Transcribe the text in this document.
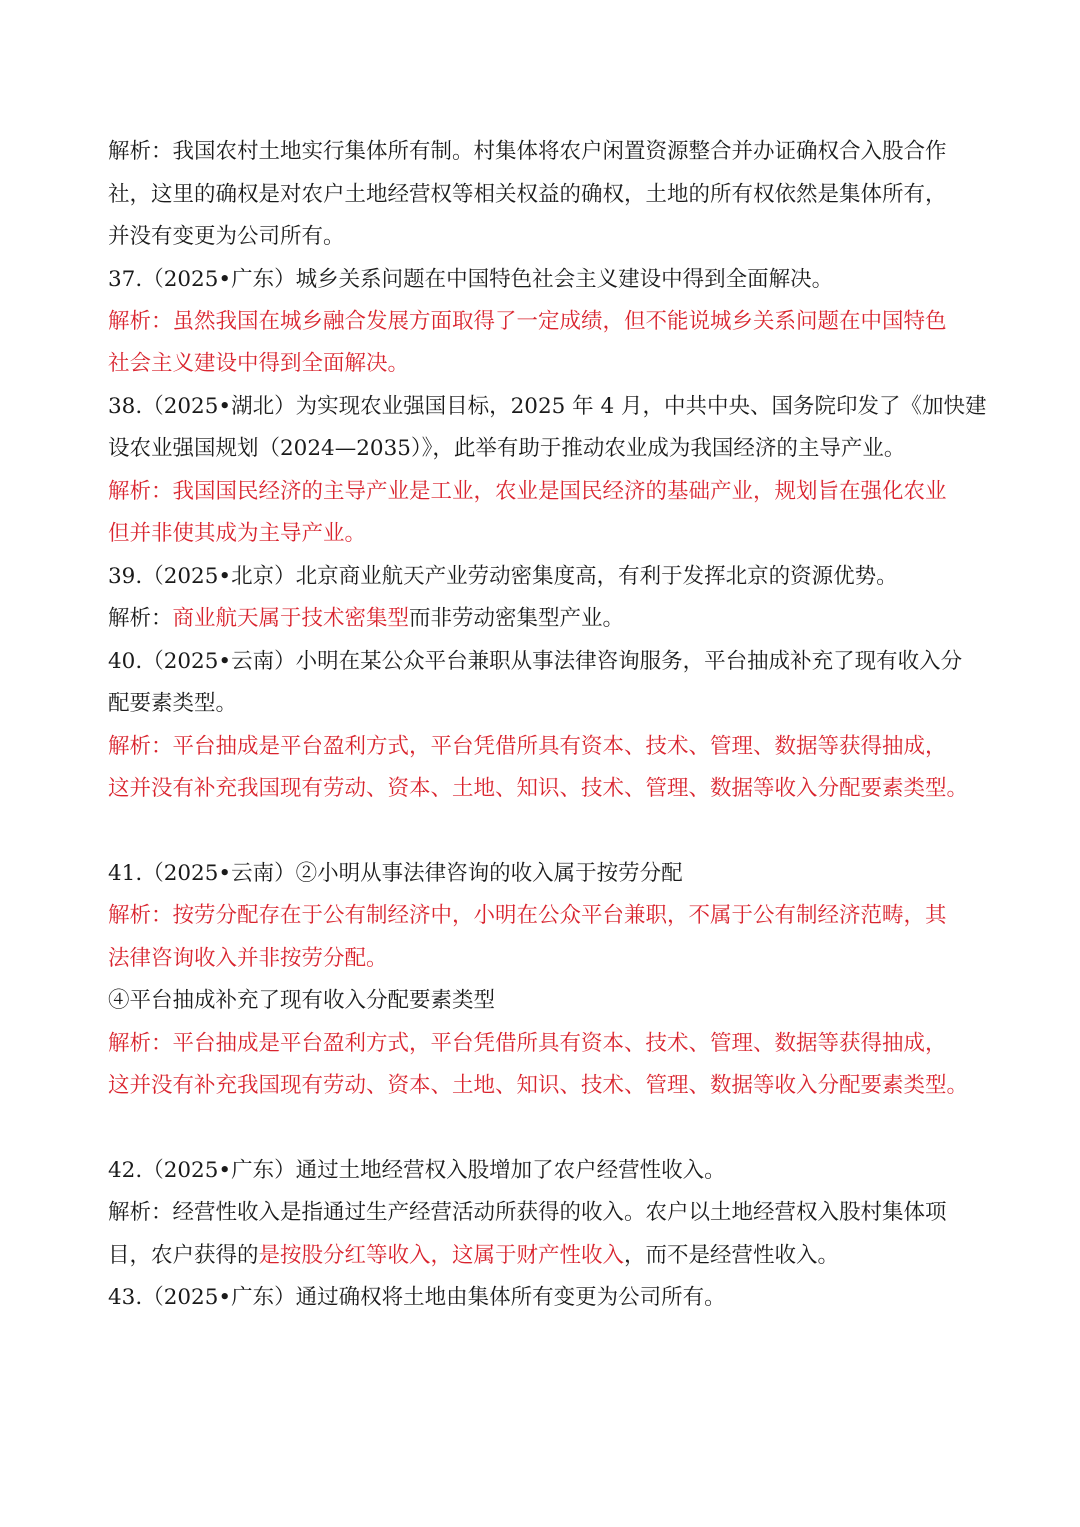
解析：我国农村土地实行集体所有制。村集体将农户闲置资源整合并办证确权合入股合作
社，这里的确权是对农户土地经营权等相关权益的确权，土地的所有权依然是集体所有，
并没有变更为公司所有。
37.（2025•广东）城乡关系问题在中国特色社会主义建设中得到全面解决。
解析：虽然我国在城乡融合发展方面取得了一定成绩，但不能说城乡关系问题在中国特色
社会主义建设中得到全面解决。
38.（2025•湖北）为实现农业强国目标，2025 年 4 月，中共中央、国务院印发了《加快建
设农业强国规划（2024—2035）》，此举有助于推动农业成为我国经济的主导产业。
解析：我国国民经济的主导产业是工业，农业是国民经济的基础产业，规划旨在强化农业
但并非使其成为主导产业。
39.（2025•北京）北京商业航天产业劳动密集度高，有利于发挥北京的资源优势。
解析：商业航天属于技术密集型而非劳动密集型产业。
40.（2025•云南）小明在某公众平台兼职从事法律咨询服务，平台抽成补充了现有收入分
配要素类型。
解析：平台抽成是平台盈利方式，平台凭借所具有资本、技术、管理、数据等获得抽成，
这并没有补充我国现有劳动、资本、土地、知识、技术、管理、数据等收入分配要素类型。
41.（2025•云南）②小明从事法律咨询的收入属于按劳分配
解析：按劳分配存在于公有制经济中，小明在公众平台兼职，不属于公有制经济范畴，其
法律咨询收入并非按劳分配。
④平台抽成补充了现有收入分配要素类型
解析：平台抽成是平台盈利方式，平台凭借所具有资本、技术、管理、数据等获得抽成，
这并没有补充我国现有劳动、资本、土地、知识、技术、管理、数据等收入分配要素类型。
42.（2025•广东）通过土地经营权入股增加了农户经营性收入。
解析：经营性收入是指通过生产经营活动所获得的收入。农户以土地经营权入股村集体项
目，农户获得的是按股分红等收入，这属于财产性收入，而不是经营性收入。
43.（2025•广东）通过确权将土地由集体所有变更为公司所有。
